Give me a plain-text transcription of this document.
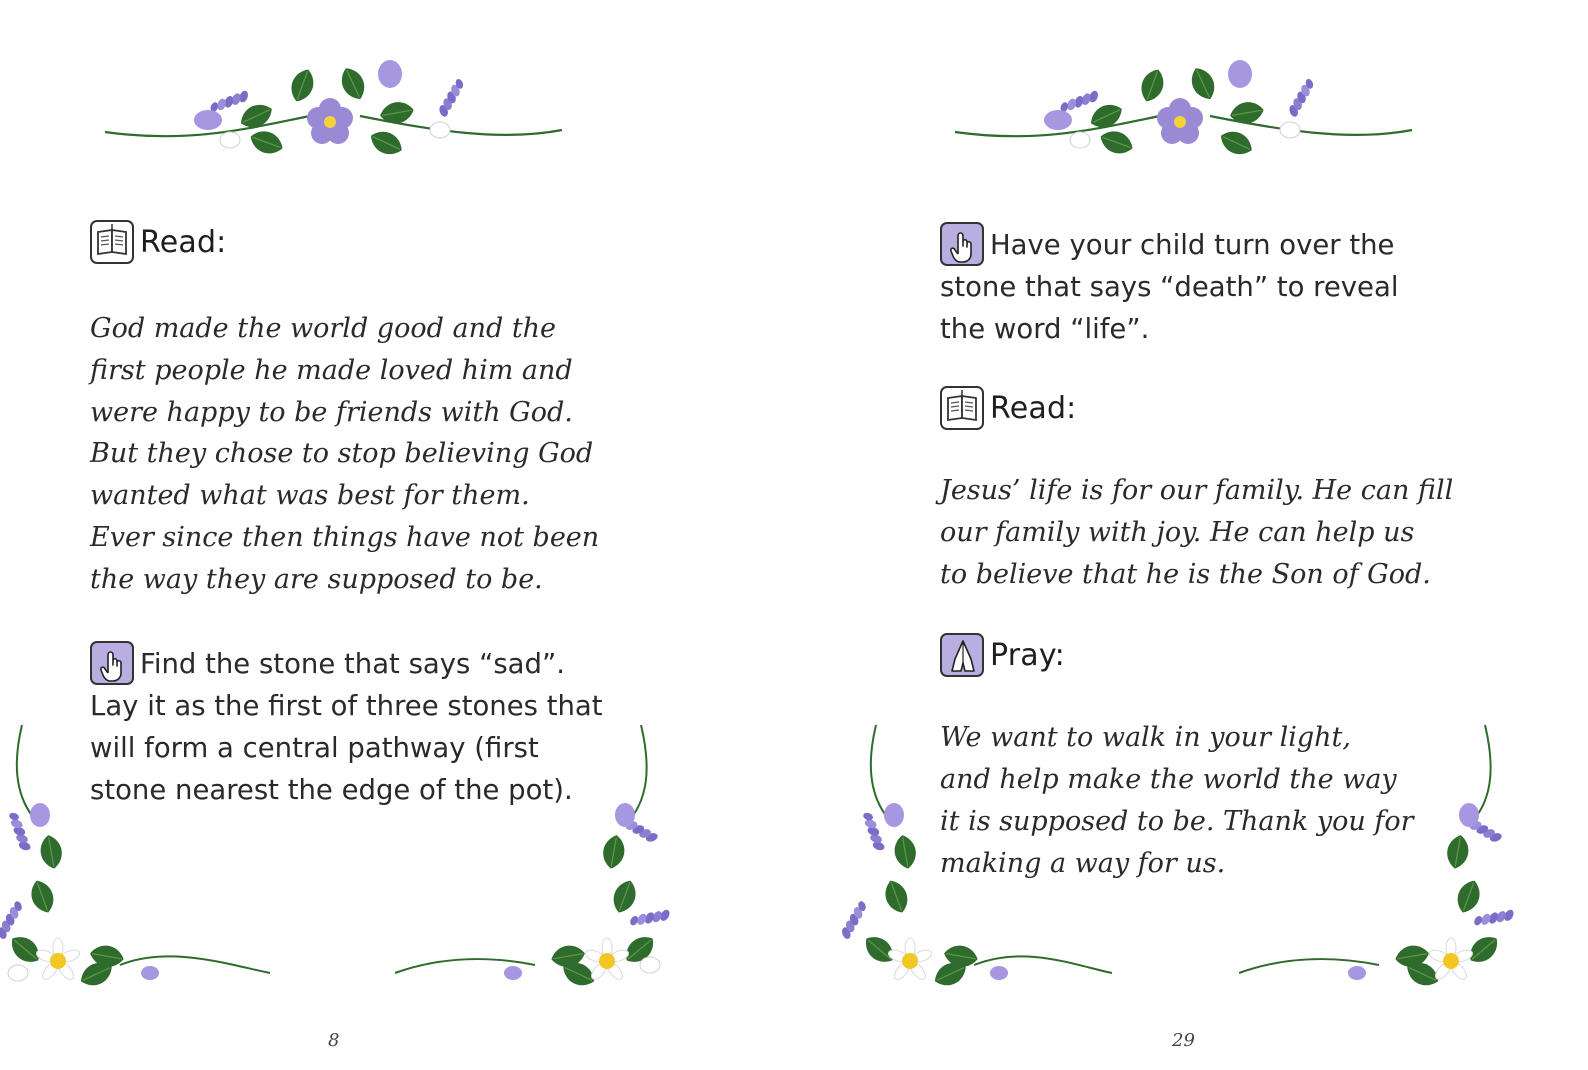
Read:

God made the world good and the

first people he made loved him and

were happy to be friends with God.

But they chose to stop believing God

wanted what was best for them.

Ever since then things have not been

the way they are supposed to be.

Find the stone that says “sad”.

Lay it as the first of three stones that

will form a central pathway (first

stone nearest the edge of the pot).

8

Have your child turn over the

stone that says “death” to reveal

the word “life”.

Read:

Jesus’ life is for our family. He can fill

our family with joy. He can help us

to believe that he is the Son of God.

Pray:

We want to walk in your light,

and help make the world the way

it is supposed to be. Thank you for

making a way for us.

29
